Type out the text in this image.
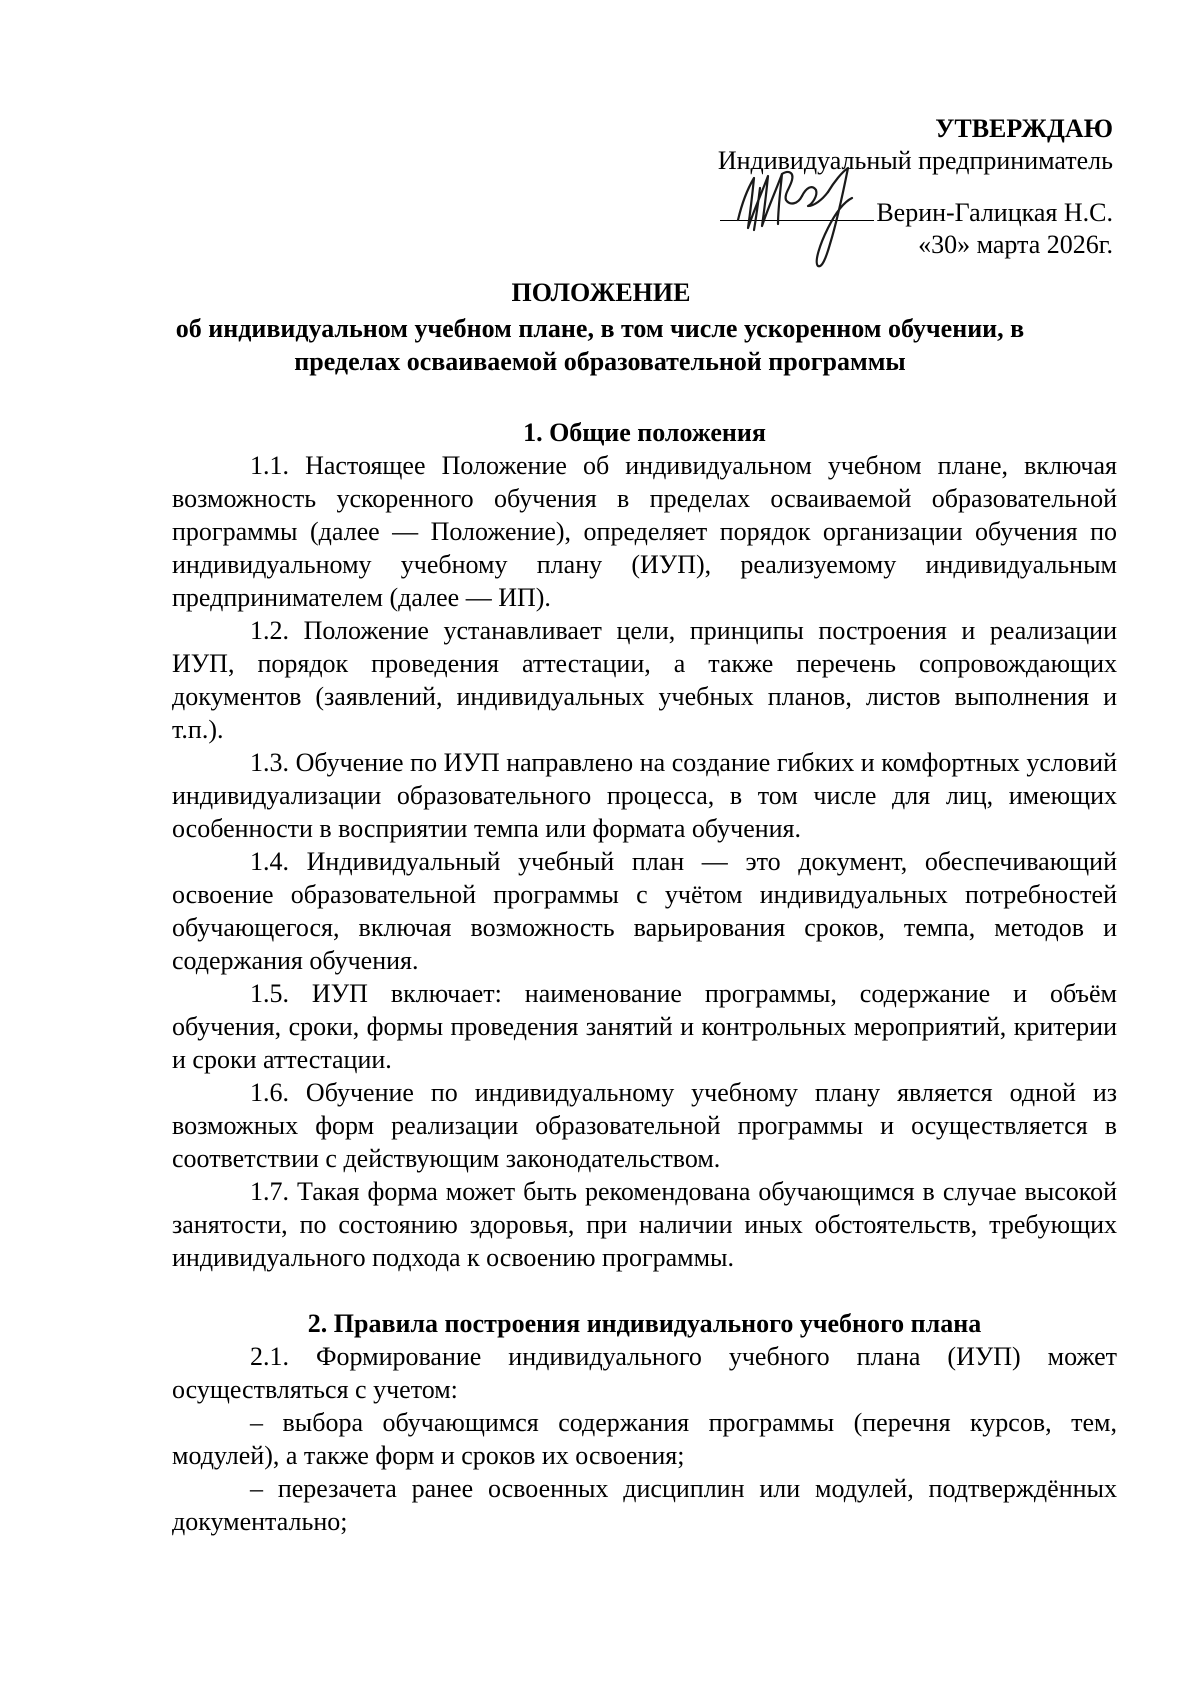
УТВЕРЖДАЮ
Индивидуальный предприниматель
Верин-Галицкая Н.С.
«30» марта 2026г.
ПОЛОЖЕНИЕ
об индивидуальном учебном плане, в том числе ускоренном обучении, в пределах осваиваемой образовательной программы

1. Общие положения

1.1. Настоящее Положение об индивидуальном учебном плане, включая возможность ускоренного обучения в пределах осваиваемой образовательной программы (далее — Положение), определяет порядок организации обучения по индивидуальному учебному плану (ИУП), реализуемому индивидуальным предпринимателем (далее — ИП).

1.2. Положение устанавливает цели, принципы построения и реализации ИУП, порядок проведения аттестации, а также перечень сопровождающих документов (заявлений, индивидуальных учебных планов, листов выполнения и т.п.).

1.3. Обучение по ИУП направлено на создание гибких и комфортных условий индивидуализации образовательного процесса, в том числе для лиц, имеющих особенности в восприятии темпа или формата обучения.

1.4. Индивидуальный учебный план — это документ, обеспечивающий освоение образовательной программы с учётом индивидуальных потребностей обучающегося, включая возможность варьирования сроков, темпа, методов и содержания обучения.

1.5. ИУП включает: наименование программы, содержание и объём обучения, сроки, формы проведения занятий и контрольных мероприятий, критерии и сроки аттестации.

1.6. Обучение по индивидуальному учебному плану является одной из возможных форм реализации образовательной программы и осуществляется в соответствии с действующим законодательством.

1.7. Такая форма может быть рекомендована обучающимся в случае высокой занятости, по состоянию здоровья, при наличии иных обстоятельств, требующих индивидуального подхода к освоению программы.

2. Правила построения индивидуального учебного плана

2.1. Формирование индивидуального учебного плана (ИУП) может осуществляться с учетом:

– выбора обучающимся содержания программы (перечня курсов, тем, модулей), а также форм и сроков их освоения;

– перезачета ранее освоенных дисциплин или модулей, подтверждённых документально;
